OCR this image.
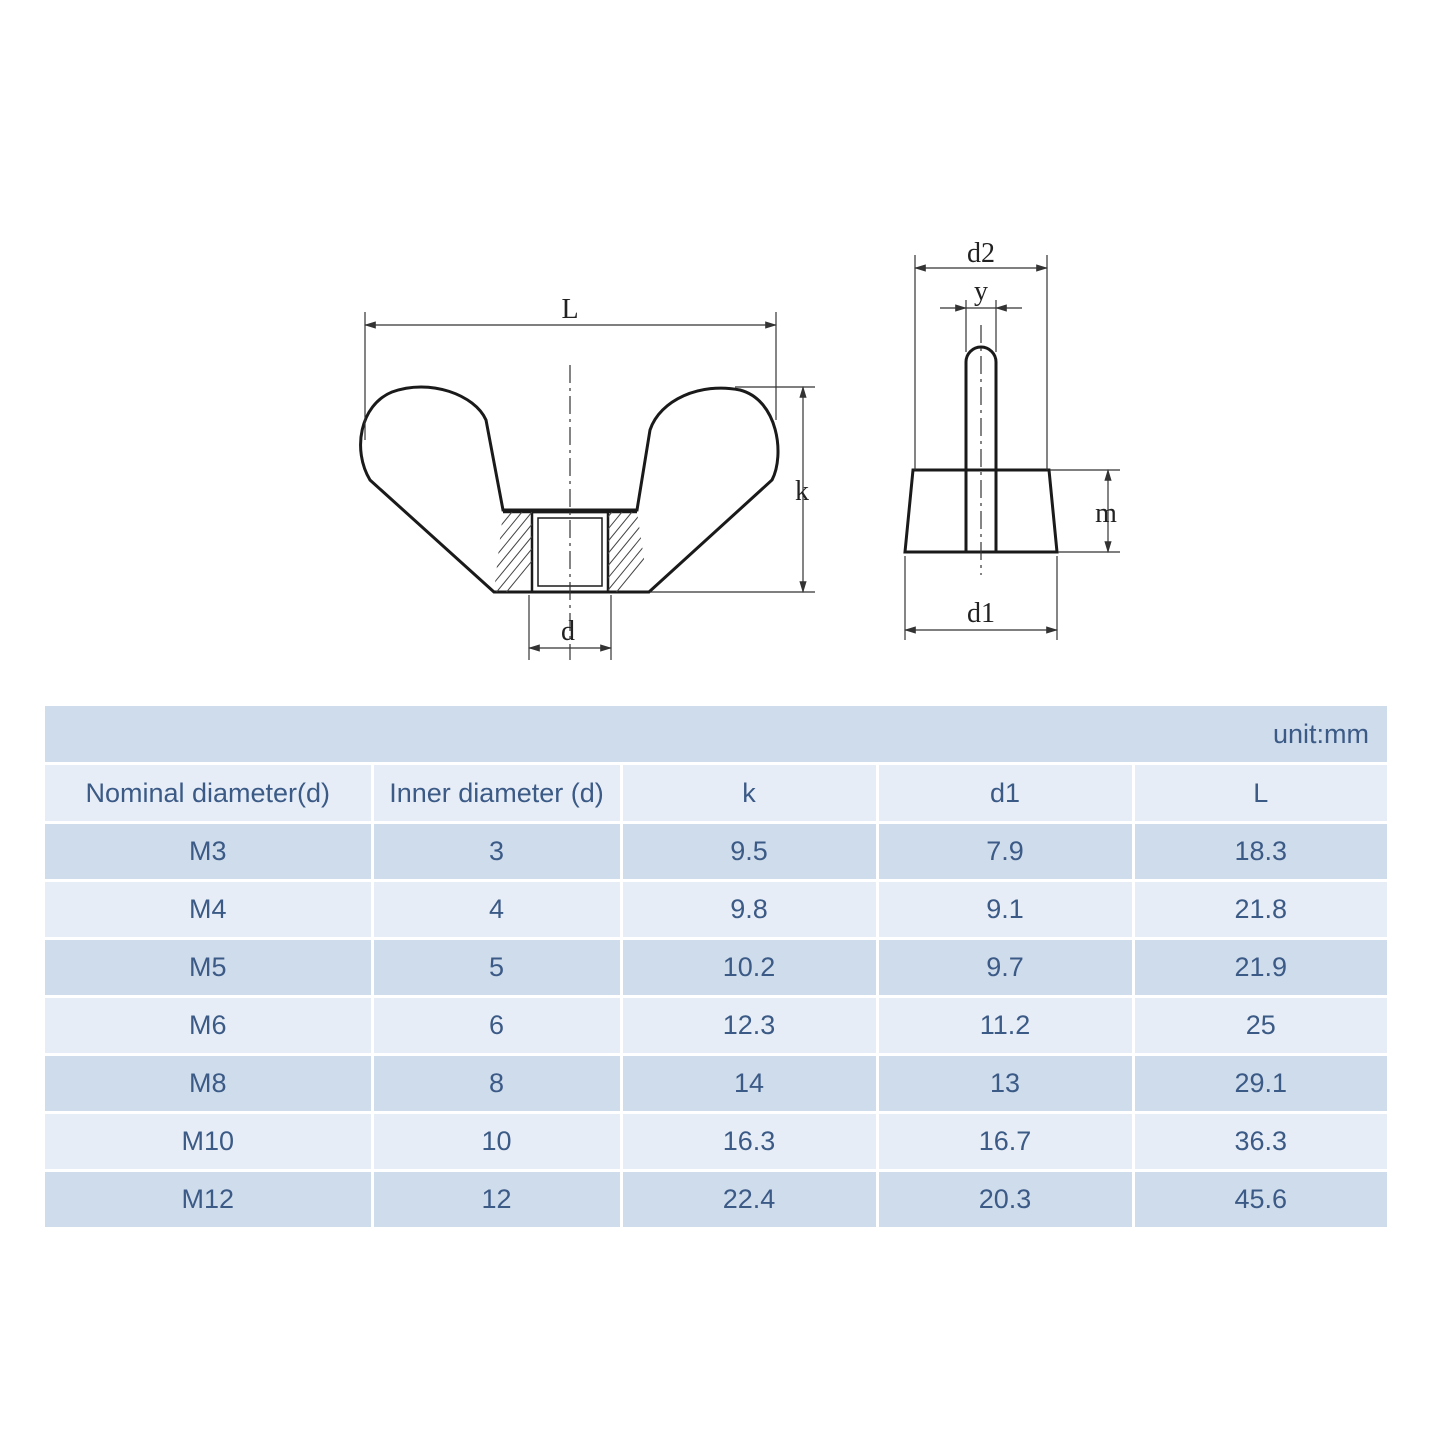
L
k
d
d2
y
m
d1
unit:mm				
Nominal diameter(d)	Inner diameter (d)	k	d1	L
M3	3	9.5	7.9	18.3
M4	4	9.8	9.1	21.8
M5	5	10.2	9.7	21.9
M6	6	12.3	11.2	25
M8	8	14	13	29.1
M10	10	16.3	16.7	36.3
M12	12	22.4	20.3	45.6
